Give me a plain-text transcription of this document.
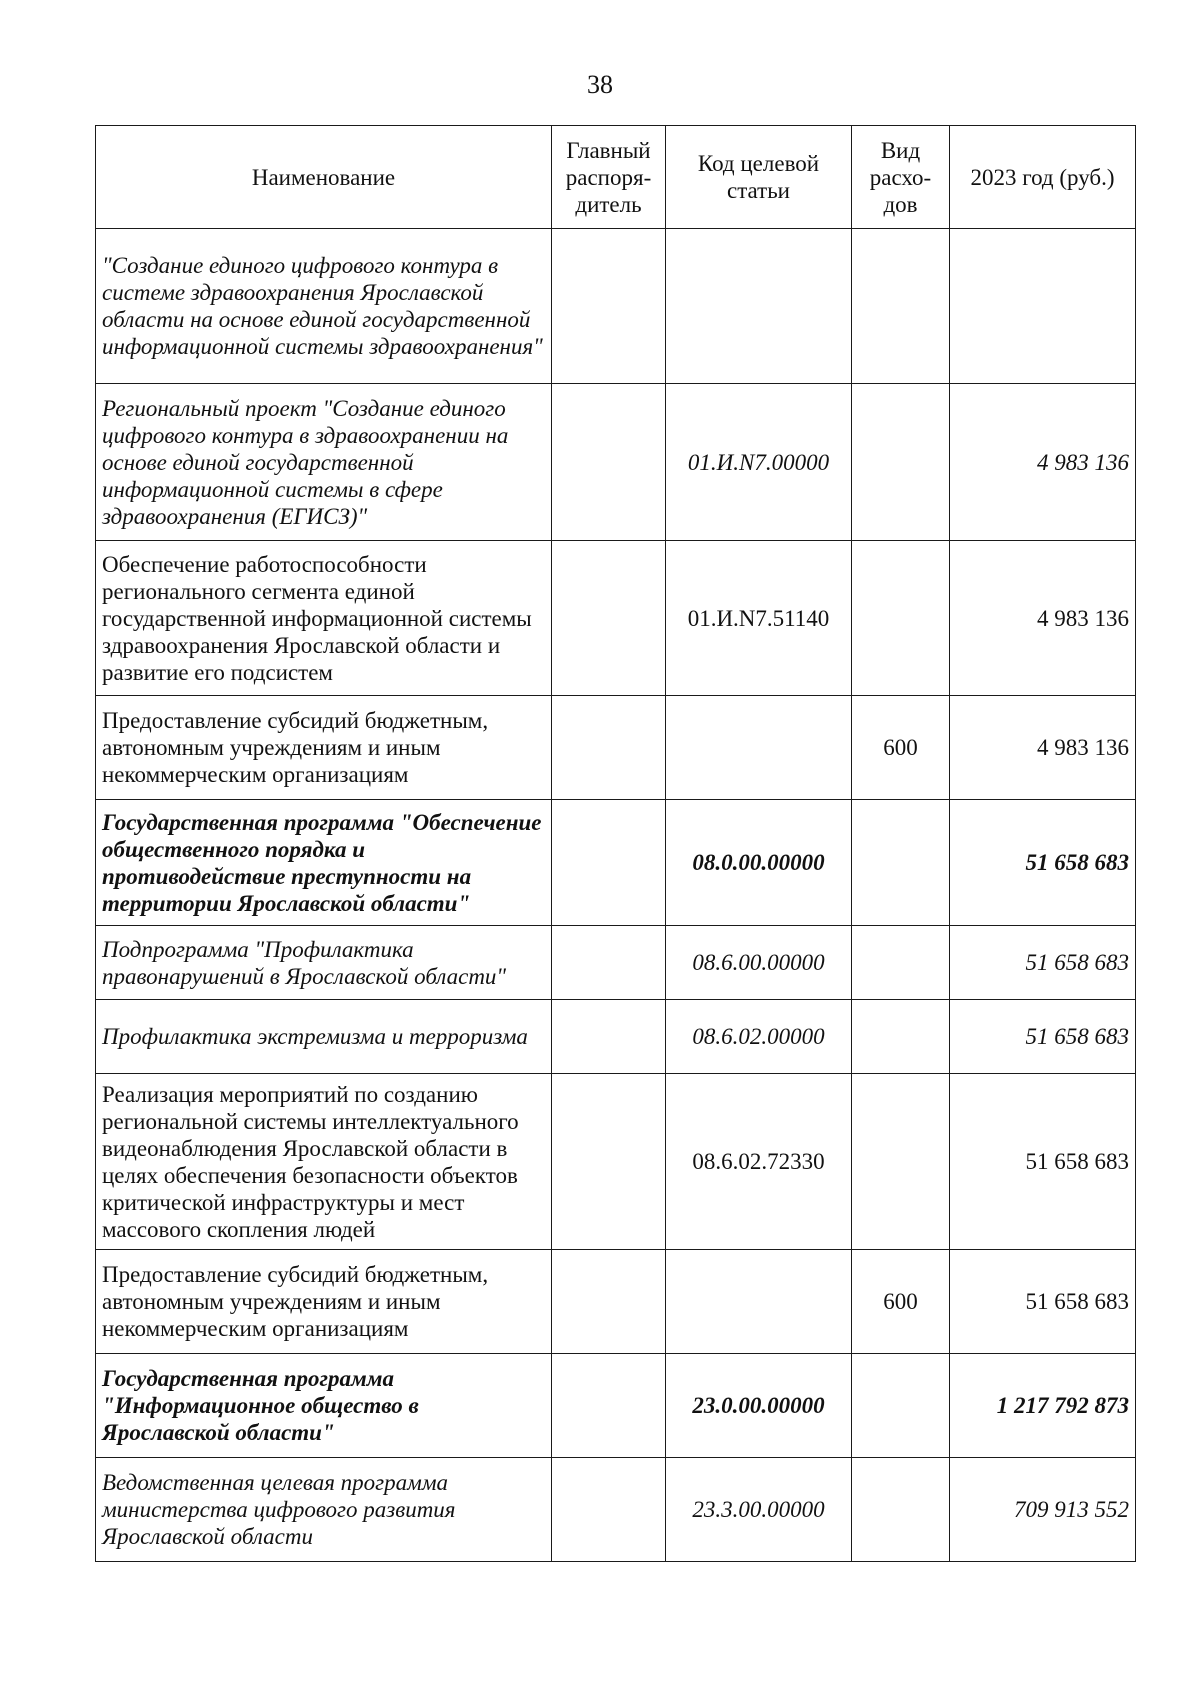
38
Наименование	Главный распоря-дитель	Код целевой статьи	Вид расхо-дов	2023 год (руб.)
"Создание единого цифрового контура в системе здравоохранения Ярославской области на основе единой государственной информационной системы здравоохранения"				
Региональный проект "Создание единого цифрового контура в здравоохранении на основе единой государственной информационной системы в сфере здравоохранения (ЕГИСЗ)"		01.И.N7.00000		4 983 136
Обеспечение работоспособности регионального сегмента единой государственной информационной системы здравоохранения Ярославской области и развитие его подсистем		01.И.N7.51140		4 983 136
Предоставление субсидий бюджетным, автономным учреждениям и иным некоммерческим организациям			600	4 983 136
Государственная программа "Обеспечение общественного порядка и противодействие преступности на территории Ярославской области"		08.0.00.00000		51 658 683
Подпрограмма "Профилактика правонарушений в Ярославской области"		08.6.00.00000		51 658 683
Профилактика экстремизма и терроризма		08.6.02.00000		51 658 683
Реализация мероприятий по созданию региональной системы интеллектуального видеонаблюдения Ярославской области в целях обеспечения безопасности объектов критической инфраструктуры и мест массового скопления людей		08.6.02.72330		51 658 683
Предоставление субсидий бюджетным, автономным учреждениям и иным некоммерческим организациям			600	51 658 683
Государственная программа "Информационное общество в Ярославской области"		23.0.00.00000		1 217 792 873
Ведомственная целевая программа министерства цифрового развития Ярославской области		23.3.00.00000		709 913 552
